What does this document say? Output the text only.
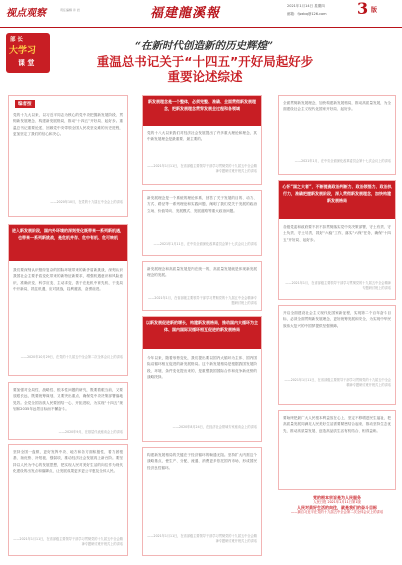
视点观察	责任编辑 许 岩	福建龍溪報	2021年1月14日 星期四
邮箱：fjzzbq@126.com 3 版
部 长
大学习
课 堂
“在新时代创造新的历史辉煌”
重温总书记关于“十四五”开好局起好步
重要论述综述
编者按
党的十九大以来，以习近平同志为核心的党中央把握新发展阶段、贯彻新发展理念、构建新发展格局，推动“十四五”开好局、起好步。重温总书记重要论述，回顾党中央带领全国人民攻坚克难的历史进程，更加坚定了我们的信心和决心。
——2020年10月，在党的十九届五中全会上的讲话
进入新发展阶段，国内外环境的深刻变化既带来一系列新机遇，也带来一系列新挑战，是危机并存、危中有机、危可转机
我们要深刻认识错综复杂的国际环境带来的新矛盾新挑战，深刻认识我国社会主要矛盾变化带来的新特征新要求，增强机遇意识和风险意识，准确识变、科学应变、主动求变，善于在危机中育先机、于变局中开新局，抓住机遇，应对挑战，趋利避害，奋勇前进。
——2020年10月29日，在党的十九届五中全会第二次全体会议上的讲话
要加强对全局性、战略性、根本性问题的研究，既要着眼当前，又要放眼长远，既要统筹谋划，又要突出重点，确保党中央决策部署落地见效。全党全国各族人民要团结一心、开拓进取，为实现“十四五”规划和2035年远景目标而不懈奋斗。
——2020年9月，在基层代表座谈会上的讲话
坚持全国一盘棋，更好发挥中央、地方和各方面积极性，着力固根基、扬优势、补短板、强弱项，推动经济社会发展再上新台阶。要坚持以人民为中心的发展思想，把实现人民对美好生活的向往作为现代化建设的出发点和落脚点，让发展成果更多更公平惠及全体人民。
——2021年1月11日，在省部级主要领导干部学习贯彻党的十九届五中全会精神专题研讨班开班式上的讲话
新发展理念是一个整体，必须完整、准确、全面贯彻新发展理念，把新发展理念贯穿发展全过程和各领域
党的十八大以来我们对经济社会发展提出了许多重大理论和理念，其中新发展理念是最重要、最主要的。
——2021年1月11日，在省部级主要领导干部学习贯彻党的十九届五中全会精神专题研讨班开班式上的讲话
新发展理念是一个系统的理论体系，回答了关于发展的目的、动力、方式、路径等一系列理论和实践问题，阐明了我们党关于发展的政治立场、价值导向、发展模式、发展道路等重大政治问题。
——2021年1月11日，在中央全面深化改革委员会第十七次会议上的讲话
新发展理念和高质量发展是内在统一的，高质量发展就是体现新发展理念的发展。
——2021年1月，在省部级主要领导干部学习贯彻党的十九届五中全会精神专题研讨班上的讲话
以新发展促进新的增长，构建新发展格局，推动国内大循环为主体、国内国际双循环相互促进的新发展格局
今年以来，随着形势变化，我们提出要以国内大循环为主体、国内国际双循环相互促进的新发展格局。这个新发展格局是根据我国发展阶段、环境、条件变化提出来的，是重塑我国国际合作和竞争新优势的战略抉择。
——2020年8月24日，在经济社会领域专家座谈会上的讲话
构建新发展格局的关键在于经济循环的畅通无阻。坚持扩大内需这个战略基点，使生产、分配、流通、消费更多依托国内市场，形成国民经济良性循环。
——2021年1月11日，在省部级主要领导干部学习贯彻党的十九届五中全会精神专题研讨班开班式上的讲话
全面贯彻新发展理念，加快构建新发展格局，推动高质量发展，为全面建设社会主义现代化国家开好局、起好步。
——2021年1月，在中央全面深化改革委员会第十七次会议上的讲话
心怀“国之大者”，不断提高政治判断力、政治领悟力、政治执行力，准确把握新发展阶段，深入贯彻新发展理念，加快构建新发展格局
各级党委和政府要不折不扣贯彻落实党中央决策部署，守土有责、守土负责、守土尽责，抓好“六稳”工作，落实“六保”任务，确保“十四五”开好局、起好步。
——2021年1月，在省部级主要领导干部学习贯彻党的十九届五中全会精神专题研讨班上的讲话
开启全面建设社会主义现代化国家新征程，实现第二个百年奋斗目标，必须全面贯彻新发展理念，更好统筹发展和安全，为实现中华民族伟大复兴的中国梦提供坚强保障。
——2021年1月11日，在省部级主要领导干部学习贯彻党的十九届五中全会精神专题研讨班开班式上的讲话
要始终把最广大人民根本利益放在心上，坚定不移增进民生福祉，把高质量发展同满足人民美好生活需要紧密结合起来，推动坚持生态优先、推动高质量发展、创造高品质生活有机结合、相得益彰。
党的根本宗旨是为人民服务
人民日报 2021年1月11日第1版
人民对美好生活的向往，就是我们的奋斗目标
——摘自习近平在党的十九届五中全会第二次全体会议上的讲话
